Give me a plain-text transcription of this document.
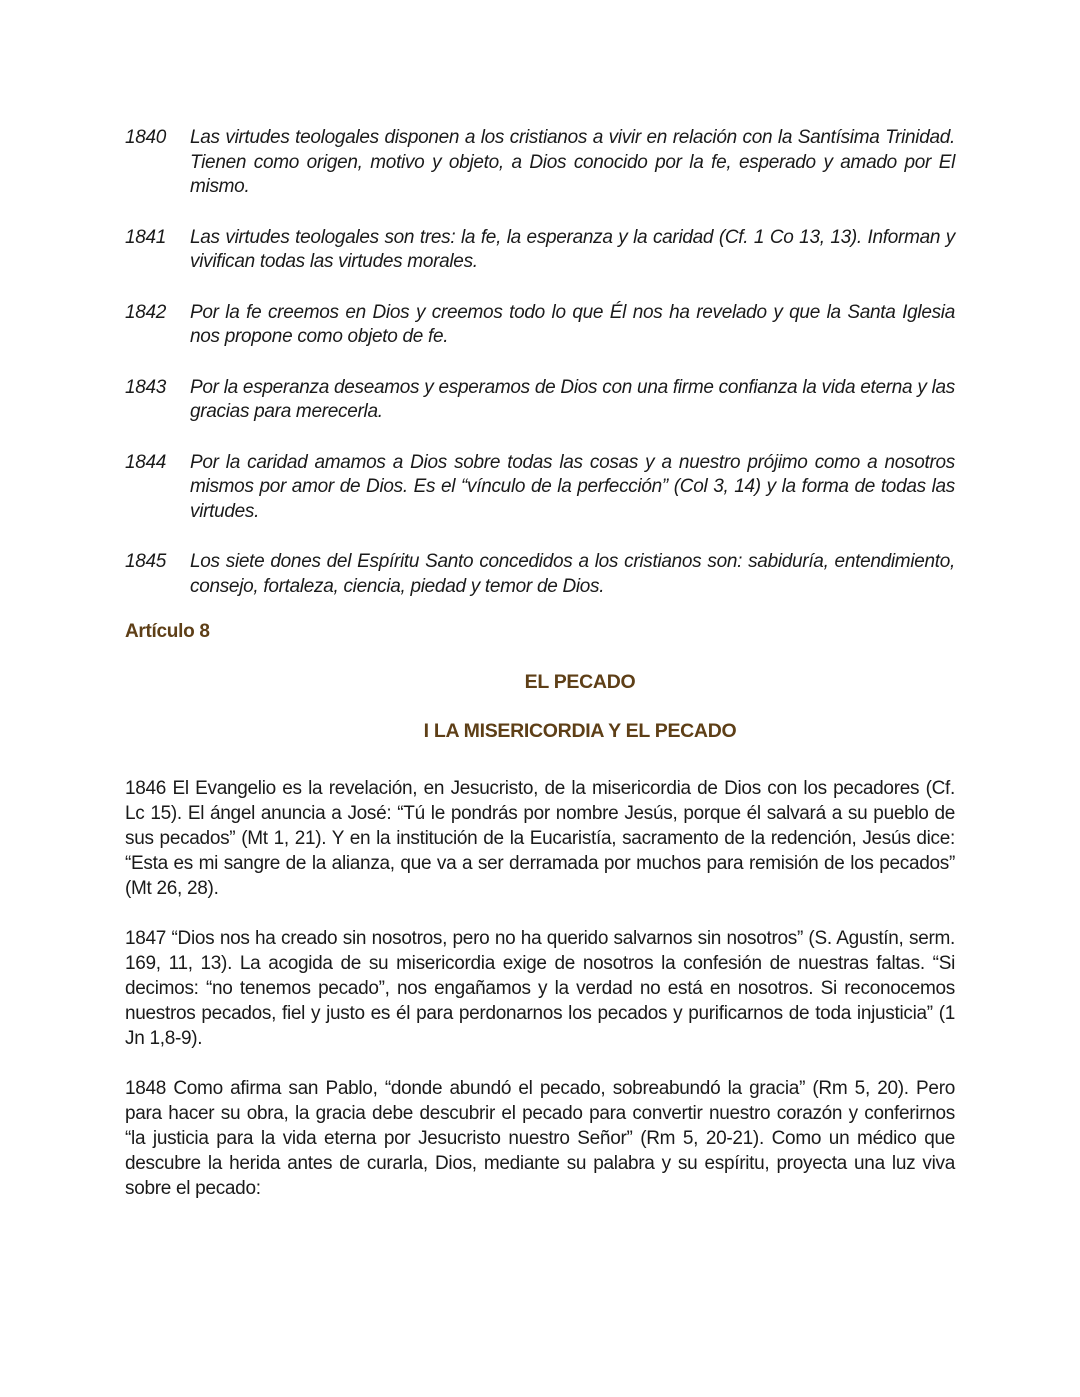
1840	Las virtudes teologales disponen a los cristianos a vivir en relación con la Santísima Trinidad. Tienen como origen, motivo y objeto, a Dios conocido por la fe, esperado y amado por El mismo.
1841	Las virtudes teologales son tres: la fe, la esperanza y la caridad (Cf. 1 Co 13, 13). Informan y vivifican todas las virtudes morales.
1842	Por la fe creemos en Dios y creemos todo lo que Él nos ha revelado y que la Santa Iglesia nos propone como objeto de fe.
1843	Por la esperanza deseamos y esperamos de Dios con una firme confianza la vida eterna y las gracias para merecerla.
1844	Por la caridad amamos a Dios sobre todas las cosas y a nuestro prójimo como a nosotros mismos por amor de Dios. Es el “vínculo de la perfección” (Col 3, 14) y la forma de todas las virtudes.
1845	Los siete dones del Espíritu Santo concedidos a los cristianos son: sabiduría, entendimiento, consejo, fortaleza, ciencia, piedad y temor de Dios.
Artículo 8
EL PECADO
I LA MISERICORDIA Y EL PECADO
1846 El Evangelio es la revelación, en Jesucristo, de la misericordia de Dios con los pecadores (Cf. Lc 15). El ángel anuncia a José: “Tú le pondrás por nombre Jesús, porque él salvará a su pueblo de sus pecados” (Mt 1, 21). Y en la institución de la Eucaristía, sacramento de la redención, Jesús dice: “Esta es mi sangre de la alianza, que va a ser derramada por muchos para remisión de los pecados” (Mt 26, 28).
1847 “Dios nos ha creado sin nosotros, pero no ha querido salvarnos sin nosotros” (S. Agustín, serm. 169, 11, 13). La acogida de su misericordia exige de nosotros la confesión de nuestras faltas. “Si decimos: “no tenemos pecado”, nos engañamos y la verdad no está en nosotros. Si reconocemos nuestros pecados, fiel y justo es él para perdonarnos los pecados y purificarnos de toda injusticia” (1 Jn 1,8-9).
1848 Como afirma san Pablo, “donde abundó el pecado, sobreabundó la gracia” (Rm 5, 20). Pero para hacer su obra, la gracia debe descubrir el pecado para convertir nuestro corazón y conferirnos “la justicia para la vida eterna por Jesucristo nuestro Señor” (Rm 5, 20-21). Como un médico que descubre la herida antes de curarla, Dios, mediante su palabra y su espíritu, proyecta una luz viva sobre el pecado:
